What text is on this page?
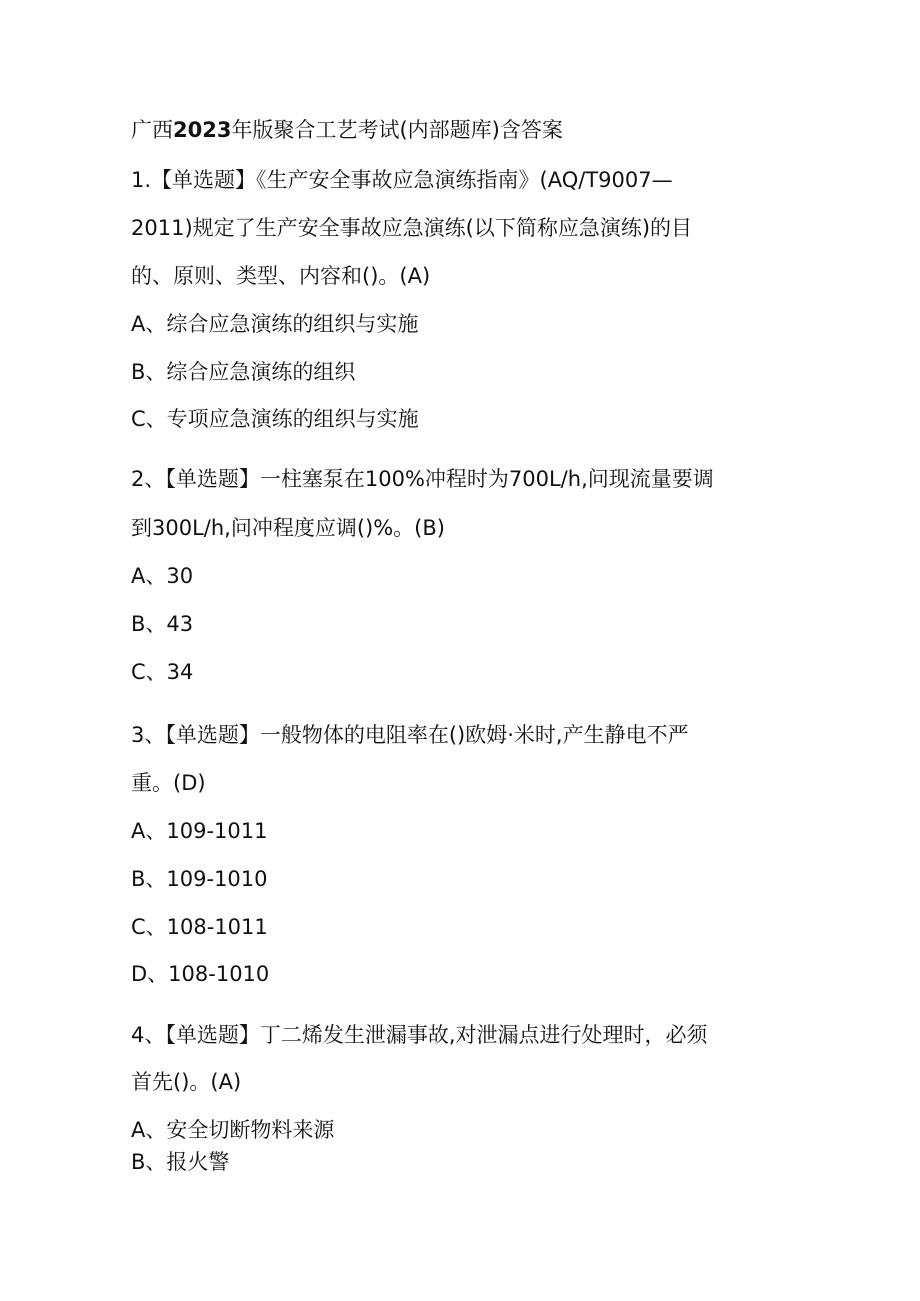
广西2023年版聚合工艺考试(内部题库)含答案
1.【单选题】《生产安全事故应急演练指南》(AQ/T9007—
2011)规定了生产安全事故应急演练(以下简称应急演练)的目
的、原则、类型、内容和()。(A)
A、综合应急演练的组织与实施
B、综合应急演练的组织
C、专项应急演练的组织与实施
2、【单选题】一柱塞泵在100%冲程时为700L/h,问现流量要调
到300L/h,问冲程度应调()%。(B)
A、30
B、43
C、34
3、【单选题】一般物体的电阻率在()欧姆·米时,产生静电不严
重。(D)
A、109-1011
B、109-1010
C、108-1011
D、108-1010
4、【单选题】丁二烯发生泄漏事故,对泄漏点进行处理时，必须
首先()。(A)
A、安全切断物料来源
B、报火警
